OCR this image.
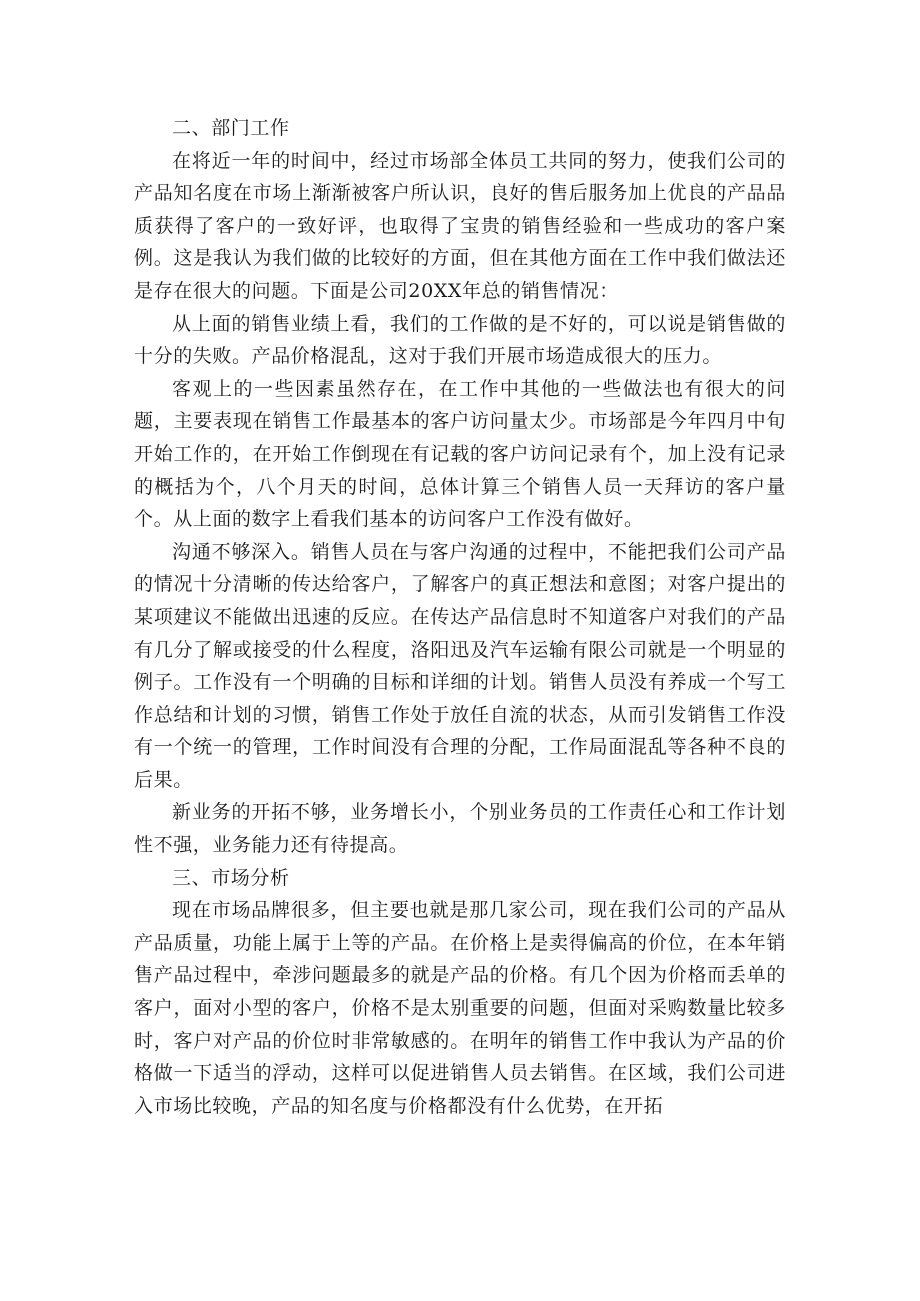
二、部门工作

在将近一年的时间中，经过市场部全体员工共同的努力，使我们公司的产品知名度在市场上渐渐被客户所认识，良好的售后服务加上优良的产品品质获得了客户的一致好评，也取得了宝贵的销售经验和一些成功的客户案例。这是我认为我们做的比较好的方面，但在其他方面在工作中我们做法还是存在很大的问题。下面是公司20XX年总的销售情况：

从上面的销售业绩上看，我们的工作做的是不好的，可以说是销售做的十分的失败。产品价格混乱，这对于我们开展市场造成很大的压力。

客观上的一些因素虽然存在，在工作中其他的一些做法也有很大的问题，主要表现在销售工作最基本的客户访问量太少。市场部是今年四月中旬开始工作的，在开始工作倒现在有记载的客户访问记录有个，加上没有记录的概括为个，八个月天的时间，总体计算三个销售人员一天拜访的客户量个。从上面的数字上看我们基本的访问客户工作没有做好。

沟通不够深入。销售人员在与客户沟通的过程中，不能把我们公司产品的情况十分清晰的传达给客户，了解客户的真正想法和意图；对客户提出的某项建议不能做出迅速的反应。在传达产品信息时不知道客户对我们的产品有几分了解或接受的什么程度，洛阳迅及汽车运输有限公司就是一个明显的例子。工作没有一个明确的目标和详细的计划。销售人员没有养成一个写工作总结和计划的习惯，销售工作处于放任自流的状态，从而引发销售工作没有一个统一的管理，工作时间没有合理的分配，工作局面混乱等各种不良的后果。

新业务的开拓不够，业务增长小，个别业务员的工作责任心和工作计划性不强，业务能力还有待提高。

三、市场分析

现在市场品牌很多，但主要也就是那几家公司，现在我们公司的产品从产品质量，功能上属于上等的产品。在价格上是卖得偏高的价位，在本年销售产品过程中，牵涉问题最多的就是产品的价格。有几个因为价格而丢单的客户，面对小型的客户，价格不是太别重要的问题，但面对采购数量比较多时，客户对产品的价位时非常敏感的。在明年的销售工作中我认为产品的价格做一下适当的浮动，这样可以促进销售人员去销售。在区域，我们公司进入市场比较晚，产品的知名度与价格都没有什么优势，在开拓
